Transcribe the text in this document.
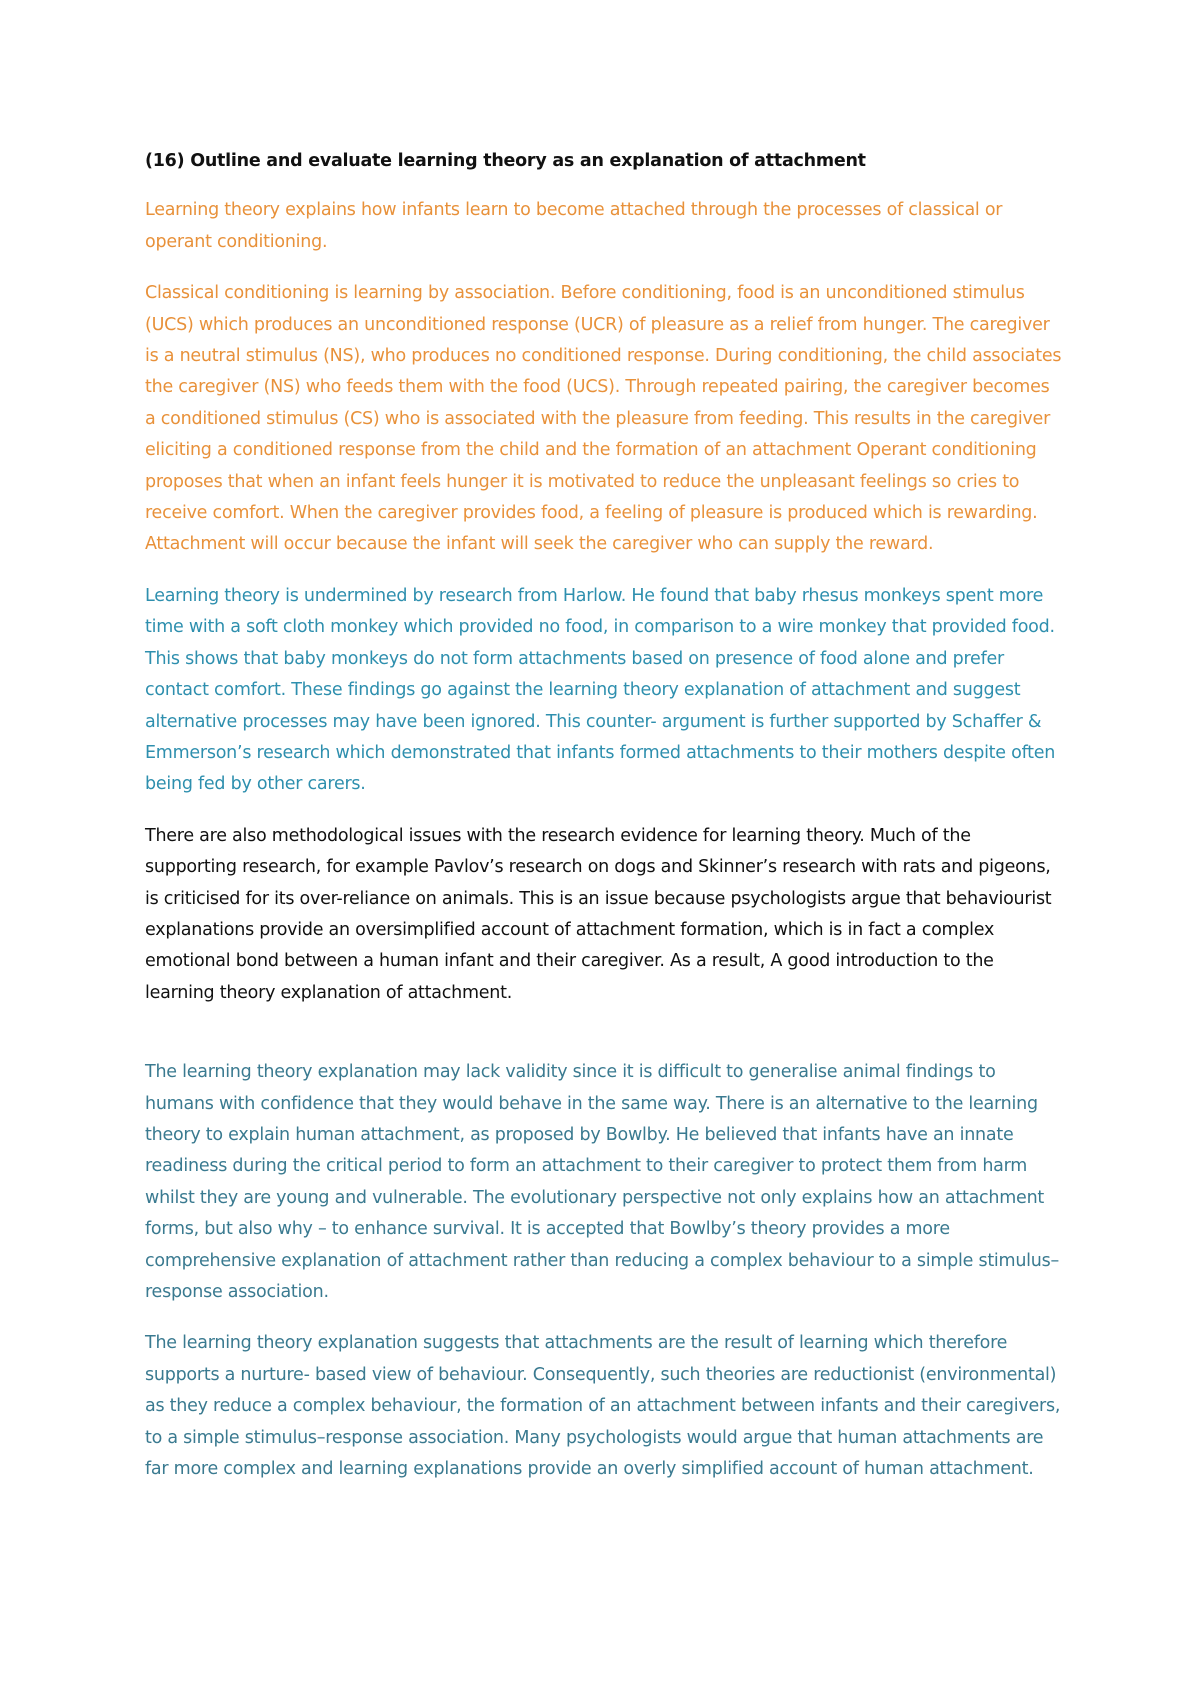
(16) Outline and evaluate learning theory as an explanation of attachment

Learning theory explains how infants learn to become attached through the processes of classical or operant conditioning.

Classical conditioning is learning by association. Before conditioning, food is an unconditioned stimulus (UCS) which produces an unconditioned response (UCR) of pleasure as a relief from hunger. The caregiver is a neutral stimulus (NS), who produces no conditioned response. During conditioning, the child associates the caregiver (NS) who feeds them with the food (UCS). Through repeated pairing, the caregiver becomes a conditioned stimulus (CS) who is associated with the pleasure from feeding. This results in the caregiver eliciting a conditioned response from the child and the formation of an attachment Operant conditioning proposes that when an infant feels hunger it is motivated to reduce the unpleasant feelings so cries to receive comfort. When the caregiver provides food, a feeling of pleasure is produced which is rewarding. Attachment will occur because the infant will seek the caregiver who can supply the reward.

Learning theory is undermined by research from Harlow. He found that baby rhesus monkeys spent more time with a soft cloth monkey which provided no food, in comparison to a wire monkey that provided food. This shows that baby monkeys do not form attachments based on presence of food alone and prefer contact comfort. These findings go against the learning theory explanation of attachment and suggest alternative processes may have been ignored. This counter- argument is further supported by Schaffer & Emmerson’s research which demonstrated that infants formed attachments to their mothers despite often being fed by other carers.

There are also methodological issues with the research evidence for learning theory. Much of the supporting research, for example Pavlov’s research on dogs and Skinner’s research with rats and pigeons, is criticised for its over-reliance on animals. This is an issue because psychologists argue that behaviourist explanations provide an oversimplified account of attachment formation, which is in fact a complex emotional bond between a human infant and their caregiver. As a result, A good introduction to the learning theory explanation of attachment.

The learning theory explanation may lack validity since it is difficult to generalise animal findings to humans with confidence that they would behave in the same way. There is an alternative to the learning theory to explain human attachment, as proposed by Bowlby. He believed that infants have an innate readiness during the critical period to form an attachment to their caregiver to protect them from harm whilst they are young and vulnerable. The evolutionary perspective not only explains how an attachment forms, but also why – to enhance survival. It is accepted that Bowlby’s theory provides a more comprehensive explanation of attachment rather than reducing a complex behaviour to a simple stimulus–response association.

The learning theory explanation suggests that attachments are the result of learning which therefore supports a nurture- based view of behaviour. Consequently, such theories are reductionist (environmental) as they reduce a complex behaviour, the formation of an attachment between infants and their caregivers, to a simple stimulus–response association. Many psychologists would argue that human attachments are far more complex and learning explanations provide an overly simplified account of human attachment.
